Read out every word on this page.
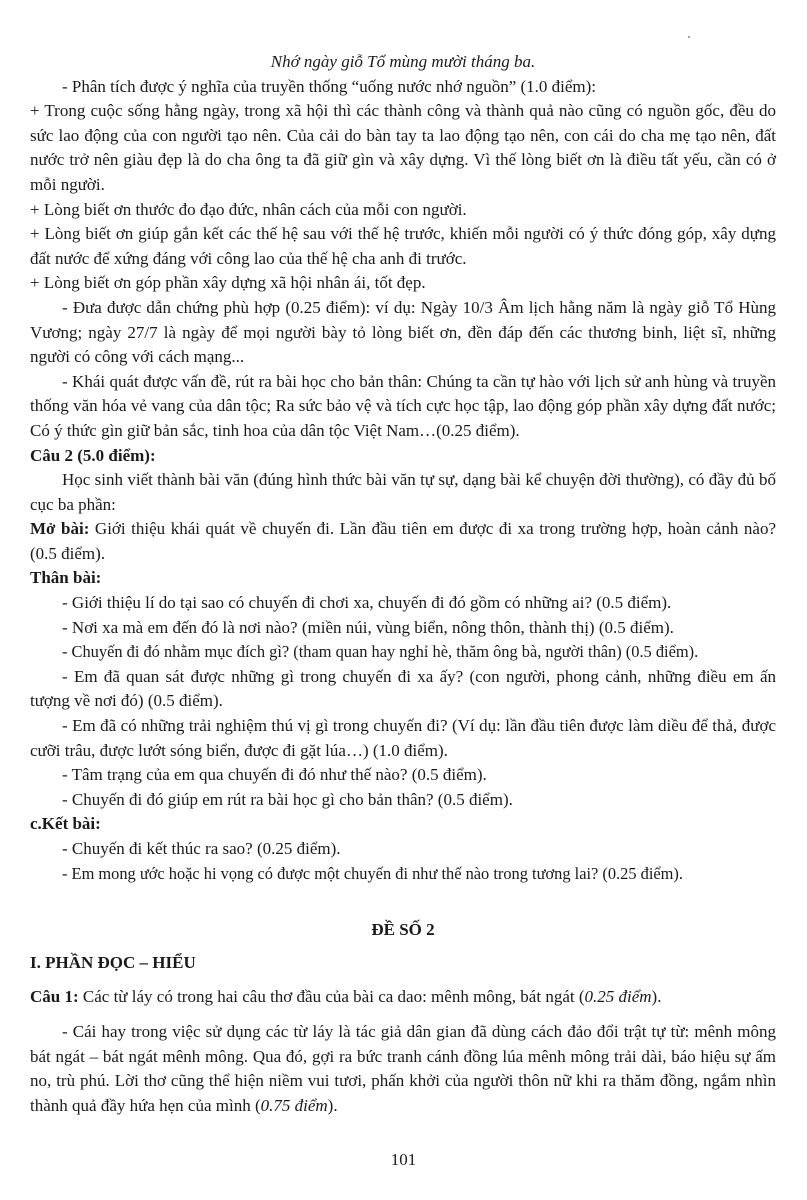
Nhớ ngày giỗ Tổ mùng mười tháng ba.

- Phân tích được ý nghĩa của truyền thống “uống nước nhớ nguồn” (1.0 điểm):

+ Trong cuộc sống hằng ngày, trong xã hội thì các thành công và thành quả nào cũng có nguồn gốc, đều do sức lao động của con người tạo nên. Của cải do bàn tay ta lao động tạo nên, con cái do cha mẹ tạo nên, đất nước trở nên giàu đẹp là do cha ông ta đã giữ gìn và xây dựng. Vì thế lòng biết ơn là điều tất yếu, cần có ở mỗi người.

+ Lòng biết ơn thước đo đạo đức, nhân cách của mỗi con người.

+ Lòng biết ơn giúp gắn kết các thế hệ sau với thế hệ trước, khiến mỗi người có ý thức đóng góp, xây dựng đất nước để xứng đáng với công lao của thế hệ cha anh đi trước.

+ Lòng biết ơn góp phần xây dựng xã hội nhân ái, tốt đẹp.

- Đưa được dẫn chứng phù hợp (0.25 điểm): ví dụ: Ngày 10/3 Âm lịch hằng năm là ngày giỗ Tổ Hùng Vương; ngày 27/7 là ngày để mọi người bày tỏ lòng biết ơn, đền đáp đến các thương binh, liệt sĩ, những người có công với cách mạng...

- Khái quát được vấn đề, rút ra bài học cho bản thân: Chúng ta cần tự hào với lịch sử anh hùng và truyền thống văn hóa vẻ vang của dân tộc; Ra sức bảo vệ và tích cực học tập, lao động góp phần xây dựng đất nước; Có ý thức gìn giữ bản sắc, tinh hoa của dân tộc Việt Nam…(0.25 điểm).

Câu 2 (5.0 điểm):

Học sinh viết thành bài văn (đúng hình thức bài văn tự sự, dạng bài kể chuyện đời thường), có đầy đủ bố cục ba phần:

Mở bài: Giới thiệu khái quát về chuyến đi. Lần đầu tiên em được đi xa trong trường hợp, hoàn cảnh nào? (0.5 điểm).

Thân bài:

- Giới thiệu lí do tại sao có chuyến đi chơi xa, chuyến đi đó gồm có những ai? (0.5 điểm).

- Nơi xa mà em đến đó là nơi nào? (miền núi, vùng biển, nông thôn, thành thị) (0.5 điểm).

- Chuyến đi đó nhằm mục đích gì? (tham quan hay nghỉ hè, thăm ông bà, người thân) (0.5 điểm).

- Em đã quan sát được những gì trong chuyến đi xa ấy? (con người, phong cảnh, những điều em ấn tượng về nơi đó) (0.5 điểm).

- Em đã có những trải nghiệm thú vị gì trong chuyến đi? (Ví dụ: lần đầu tiên được làm diều để thả, được cưỡi trâu, được lướt sóng biển, được đi gặt lúa…) (1.0 điểm).

- Tâm trạng của em qua chuyến đi đó như thế nào? (0.5 điểm).

- Chuyến đi đó giúp em rút ra bài học gì cho bản thân? (0.5 điểm).

c.Kết bài:

- Chuyến đi kết thúc ra sao? (0.25 điểm).

- Em mong ước hoặc hi vọng có được một chuyến đi như thế nào trong tương lai? (0.25 điểm).

ĐỀ SỐ 2

I. PHẦN ĐỌC – HIỂU

Câu 1: Các từ láy có trong hai câu thơ đầu của bài ca dao: mênh mông, bát ngát (0.25 điểm).

- Cái hay trong việc sử dụng các từ láy là tác giả dân gian đã dùng cách đảo đổi trật tự từ: mênh mông bát ngát – bát ngát mênh mông. Qua đó, gợi ra bức tranh cánh đồng lúa mênh mông trải dài, báo hiệu sự ấm no, trù phú. Lời thơ cũng thể hiện niềm vui tươi, phấn khởi của người thôn nữ khi ra thăm đồng, ngắm nhìn thành quả đầy hứa hẹn của mình (0.75 điểm).

101
